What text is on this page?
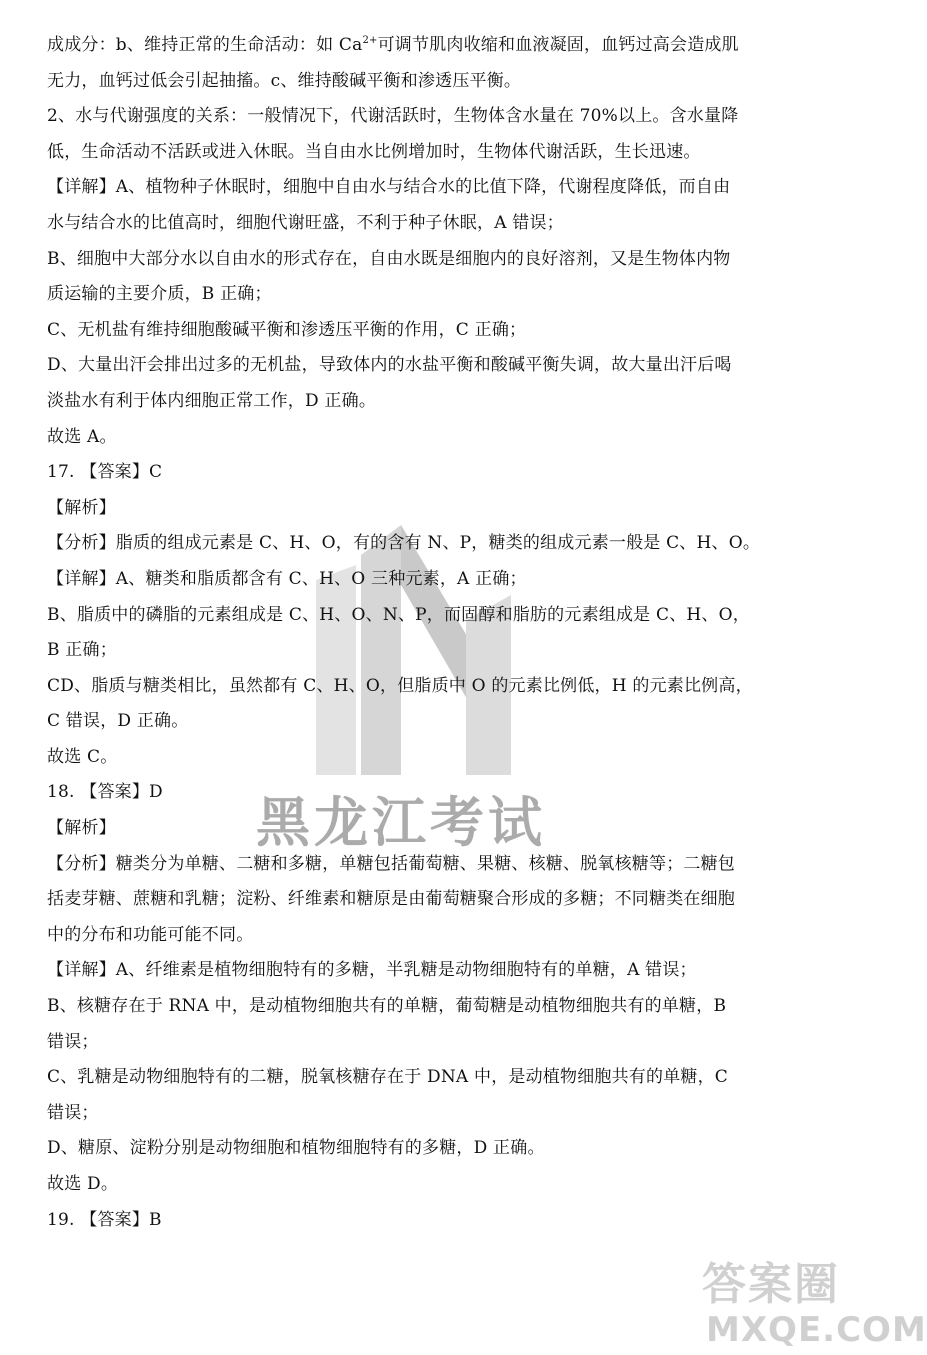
黑龙江考试
答案圈
MXQE.COM
成成分：b、维持正常的生命活动：如 $Ca^{2+}$可调节肌肉收缩和血液凝固，血钙过高会造成肌
无力，血钙过低会引起抽搐。c、维持酸碱平衡和渗透压平衡。
2、水与代谢强度的关系：一般情况下，代谢活跃时，生物体含水量在 70%以上。含水量降
低，生命活动不活跃或进入休眠。当自由水比例增加时，生物体代谢活跃，生长迅速。
【详解】A、植物种子休眠时，细胞中自由水与结合水的比值下降，代谢程度降低，而自由
水与结合水的比值高时，细胞代谢旺盛，不利于种子休眠，A 错误；
B、细胞中大部分水以自由水的形式存在，自由水既是细胞内的良好溶剂，又是生物体内物
质运输的主要介质，B 正确；
C、无机盐有维持细胞酸碱平衡和渗透压平衡的作用，C 正确；
D、大量出汗会排出过多的无机盐，导致体内的水盐平衡和酸碱平衡失调，故大量出汗后喝
淡盐水有利于体内细胞正常工作，D 正确。
故选 A。
17. 【答案】C
【解析】
【分析】脂质的组成元素是 C、H、O，有的含有 N、P，糖类的组成元素一般是 C、H、O。
【详解】A、糖类和脂质都含有 C、H、O 三种元素，A 正确；
B、脂质中的磷脂的元素组成是 C、H、O、N、P，而固醇和脂肪的元素组成是 C、H、O，
B 正确；
CD、脂质与糖类相比，虽然都有 C、H、O，但脂质中 O 的元素比例低，H 的元素比例高，
C 错误，D 正确。
故选 C。
18. 【答案】D
【解析】
【分析】糖类分为单糖、二糖和多糖，单糖包括葡萄糖、果糖、核糖、脱氧核糖等；二糖包
括麦芽糖、蔗糖和乳糖；淀粉、纤维素和糖原是由葡萄糖聚合形成的多糖；不同糖类在细胞
中的分布和功能可能不同。
【详解】A、纤维素是植物细胞特有的多糖，半乳糖是动物细胞特有的单糖，A 错误；
B、核糖存在于 RNA 中，是动植物细胞共有的单糖，葡萄糖是动植物细胞共有的单糖，B
错误；
C、乳糖是动物细胞特有的二糖，脱氧核糖存在于 DNA 中，是动植物细胞共有的单糖，C
错误；
D、糖原、淀粉分别是动物细胞和植物细胞特有的多糖，D 正确。
故选 D。
19. 【答案】B
